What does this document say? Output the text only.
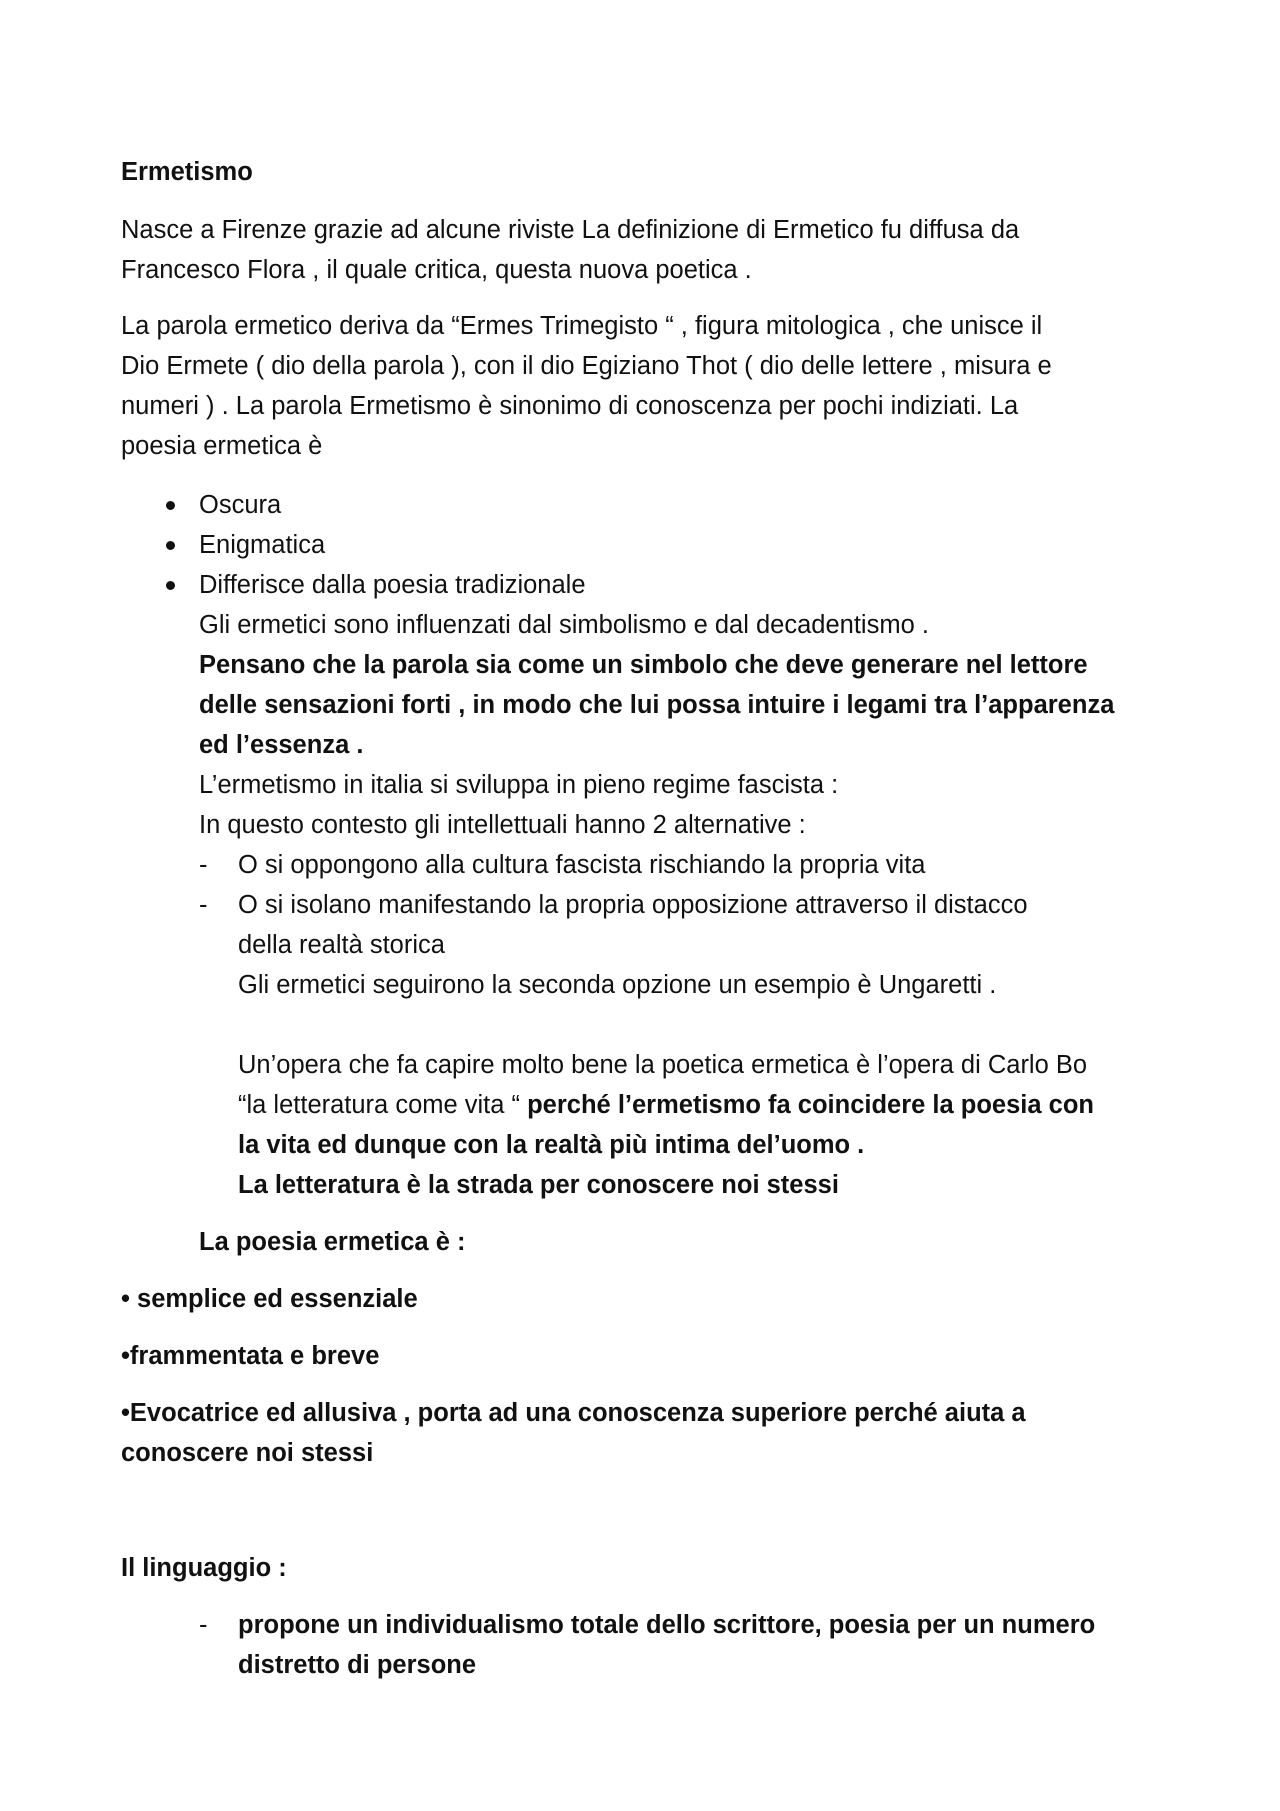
Ermetismo

Nasce a Firenze grazie ad alcune riviste La definizione di Ermetico fu diffusa da

Francesco Flora , il quale critica, questa nuova poetica .

La parola ermetico deriva da “Ermes Trimegisto “ , figura mitologica , che unisce il

Dio Ermete ( dio della parola ), con il dio Egiziano Thot ( dio delle lettere , misura e

numeri ) . La parola Ermetismo è sinonimo di conoscenza per pochi indiziati. La

poesia ermetica è

Oscura

Enigmatica

Differisce dalla poesia tradizionale

Gli ermetici sono influenzati dal simbolismo e dal decadentismo .

Pensano che la parola sia come un simbolo che deve generare nel lettore

delle sensazioni forti , in modo che lui possa intuire i legami tra l’apparenza

ed l’essenza .

L’ermetismo in italia si sviluppa in pieno regime fascista :

In questo contesto gli intellettuali hanno 2 alternative :

- O si oppongono alla cultura fascista rischiando la propria vita

- O si isolano manifestando la propria opposizione attraverso il distacco

della realtà storica

Gli ermetici seguirono la seconda opzione un esempio è Ungaretti .

Un’opera che fa capire molto bene la poetica ermetica è l’opera di Carlo Bo

“la letteratura come vita “ perché l’ermetismo fa coincidere la poesia con

la vita ed dunque con la realtà più intima del’uomo .

La letteratura è la strada per conoscere noi stessi

La poesia ermetica è :

• semplice ed essenziale

•frammentata e breve

•Evocatrice ed allusiva , porta ad una conoscenza superiore perché aiuta a

conoscere noi stessi

Il linguaggio :

- propone un individualismo totale dello scrittore, poesia per un numero

distretto di persone
